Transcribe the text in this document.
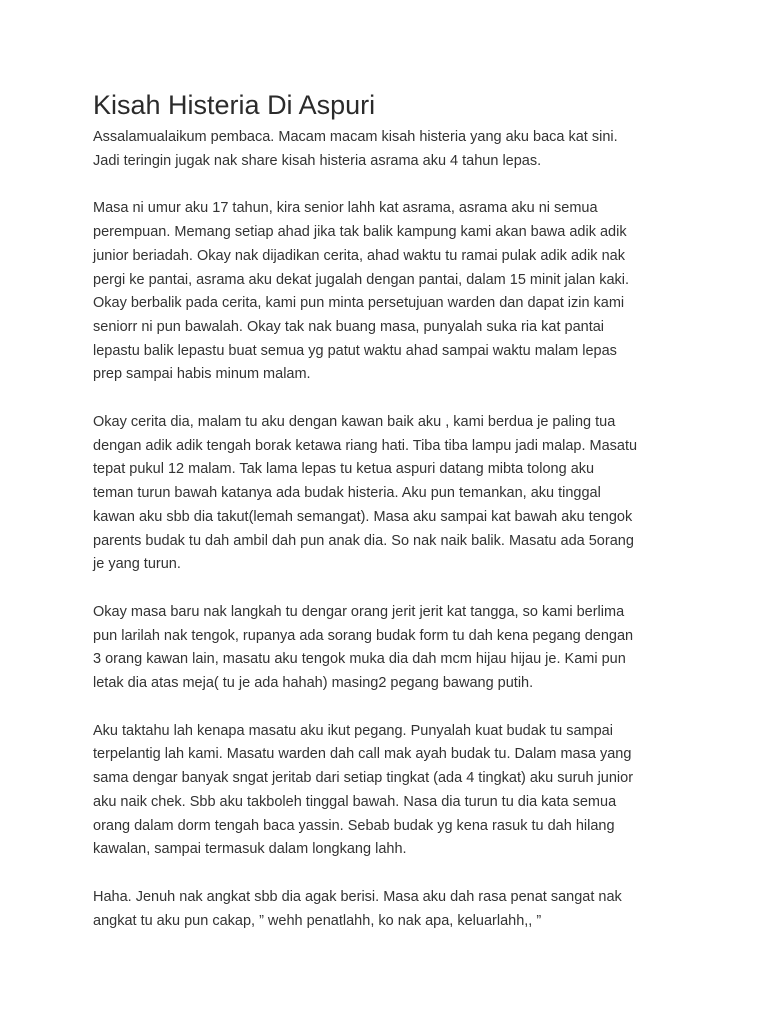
Kisah Histeria Di Aspuri

Assalamualaikum pembaca. Macam macam kisah histeria yang aku baca kat sini.
Jadi teringin jugak nak share kisah histeria asrama aku 4 tahun lepas.

Masa ni umur aku 17 tahun, kira senior lahh kat asrama, asrama aku ni semua
perempuan. Memang setiap ahad jika tak balik kampung kami akan bawa adik adik
junior beriadah. Okay nak dijadikan cerita, ahad waktu tu ramai pulak adik adik nak
pergi ke pantai, asrama aku dekat jugalah dengan pantai, dalam 15 minit jalan kaki.
Okay berbalik pada cerita, kami pun minta persetujuan warden dan dapat izin kami
seniorr ni pun bawalah. Okay tak nak buang masa, punyalah suka ria kat pantai
lepastu balik lepastu buat semua yg patut waktu ahad sampai waktu malam lepas
prep sampai habis minum malam.

Okay cerita dia, malam tu aku dengan kawan baik aku , kami berdua je paling tua
dengan adik adik tengah borak ketawa riang hati. Tiba tiba lampu jadi malap. Masatu
tepat pukul 12 malam. Tak lama lepas tu ketua aspuri datang mibta tolong aku
teman turun bawah katanya ada budak histeria. Aku pun temankan, aku tinggal
kawan aku sbb dia takut(lemah semangat). Masa aku sampai kat bawah aku tengok
parents budak tu dah ambil dah pun anak dia. So nak naik balik. Masatu ada 5orang
je yang turun.

Okay masa baru nak langkah tu dengar orang jerit jerit kat tangga, so kami berlima
pun larilah nak tengok, rupanya ada sorang budak form tu dah kena pegang dengan
3 orang kawan lain, masatu aku tengok muka dia dah mcm hijau hijau je. Kami pun
letak dia atas meja( tu je ada hahah) masing2 pegang bawang putih.

Aku taktahu lah kenapa masatu aku ikut pegang. Punyalah kuat budak tu sampai
terpelantig lah kami. Masatu warden dah call mak ayah budak tu. Dalam masa yang
sama dengar banyak sngat jeritab dari setiap tingkat (ada 4 tingkat) aku suruh junior
aku naik chek. Sbb aku takboleh tinggal bawah. Nasa dia turun tu dia kata semua
orang dalam dorm tengah baca yassin. Sebab budak yg kena rasuk tu dah hilang
kawalan, sampai termasuk dalam longkang lahh.

Haha. Jenuh nak angkat sbb dia agak berisi. Masa aku dah rasa penat sangat nak
angkat tu aku pun cakap, ” wehh penatlahh, ko nak apa, keluarlahh,, ”
